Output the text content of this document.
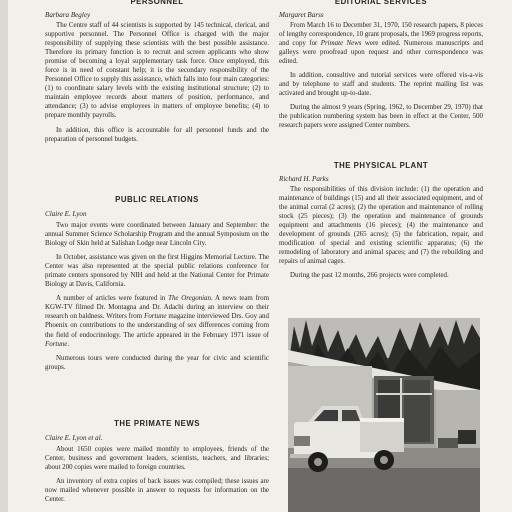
PERSONNEL
Barbara Begley

The Centre staff of 44 scientists is supported by 145 technical, clerical, and supportive personnel. The Personnel Office is charged with the major responsibility of supplying these scientists with the best possible assistance. Therefore its primary function is to recruit and screen applicants who show promise of becoming a loyal supplementary task force. Once employed, this force is in need of constant help; it is the secondary responsibility of the Personnel Office to supply this assistance, which falls into four main categories: (1) to coordinate salary levels with the existing institutional structure; (2) to maintain employee records about matters of position, performance, and attendance; (3) to advise employees in matters of employee benefits; (4) to prepare monthly payrolls.

In addition, this office is accountable for all personnel funds and the preparation of personnel budgets.

PUBLIC RELATIONS
Claire E. Lyon

Two major events were coordinated between January and September: the annual Summer Science Scholarship Program and the annual Symposium on the Biology of Skin held at Salishan Lodge near Lincoln City.

In October, assistance was given on the first Higgins Memorial Lecture. The Center was also represented at the special public relations conference for primate centers sponsored by NIH and held at the National Center for Primate Biology at Davis, California.

A number of articles were featured in The Oregonian. A news team from KGW-TV filmed Dr. Montagna and Dr. Adachi during an interview on their research on baldness. Writers from Fortune magazine interviewed Drs. Goy and Phoenix on contributions to the understanding of sex differences coming from the field of endocrinology. The article appeared in the February 1971 issue of Fortune.

Numerous tours were conducted during the year for civic and scientific groups.

THE PRIMATE NEWS
Claire E. Lyon et al.

About 1650 copies were mailed monthly to employees, friends of the Center, business and government leaders, scientists, teachers, and libraries; about 200 copies were mailed to foreign countries.

An inventory of extra copies of back issues was compiled; these issues are now mailed whenever possible in answer to requests for information on the Center.

EDITORIAL SERVICES
Margaret Barss

From March 16 to December 31, 1970, 150 research papers, 8 pieces of lengthy correspondence, 10 grant proposals, the 1969 progress reports, and copy for Primate News were edited. Numerous manuscripts and galleys were proofread upon request and other correspondence was edited.

In addition, consultive and tutorial services were offered vis-a-vis and by telephone to staff and students. The reprint mailing list was activated and brought up-to-date.

During the almost 9 years (Spring, 1962, to December 29, 1970) that the publication numbering system has been in effect at the Center, 500 research papers were assigned Center numbers.

THE PHYSICAL PLANT
Richard H. Parks

The responsibilities of this division include: (1) the operation and maintenance of buildings (15) and all their associated equipment, and of the animal corral (2 acres); (2) the operation and maintenance of rolling stock (25 pieces); (3) the operation and maintenance of grounds equipment and attachments (16 pieces); (4) the maintenance and development of grounds (265 acres); (5) the fabrication, repair, and modification of special and existing scientific apparatus; (6) the remodeling of laboratory and animal spaces; and (7) the rebuilding and repairs of animal cages.

During the past 12 months, 266 projects were completed.
